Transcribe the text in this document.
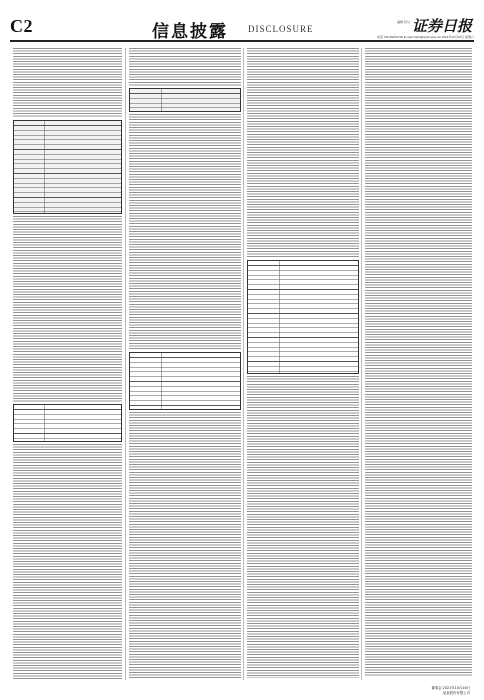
C2	信息披露 DISCLOSURE
编辑 彭衍 证券日报
电话 010-83251730 E-mail zqrb9@zqrb.sina.net 2021年10月16日 星期六
董事会 2021年10月16日
某某股份有限公司
